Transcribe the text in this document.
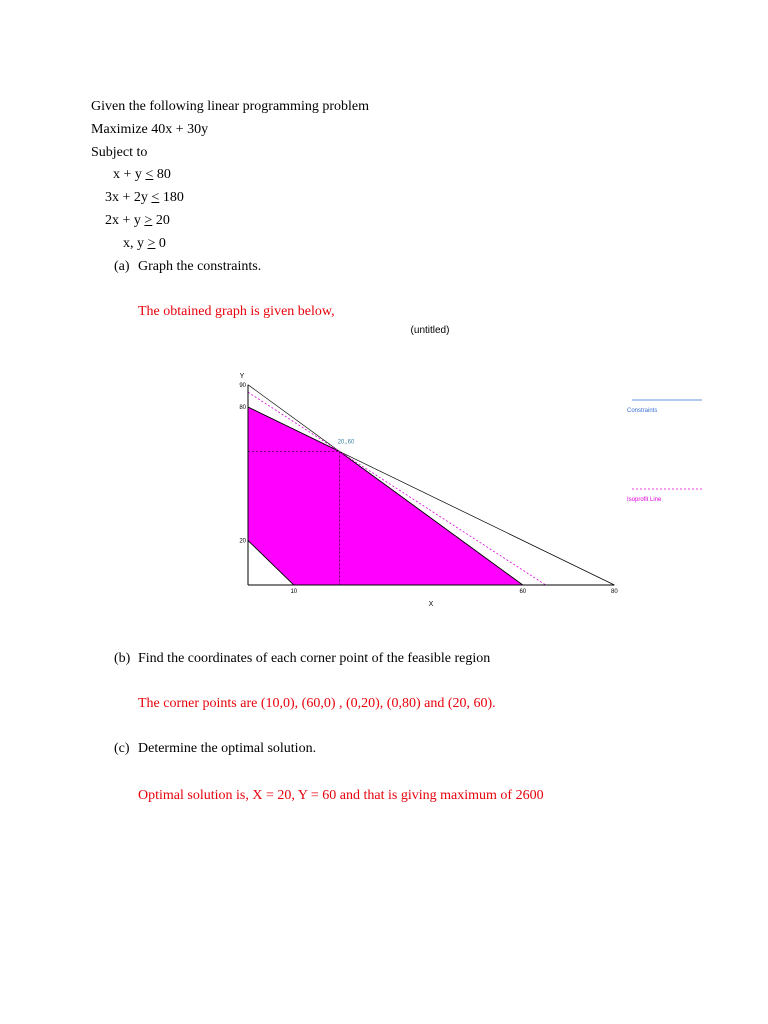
Given the following linear programming problem
Maximize 40x + 30y
Subject to
x + y < 80
3x + 2y < 180
2x + y > 20
x, y > 0
(a) Graph the constraints.
The obtained graph is given below,
(untitled)
20,,60
10	60	80
20
80
90
X
Y
Constraints
Isoprofit Line
(b) Find the coordinates of each corner point of the feasible region
The corner points are (10,0), (60,0) , (0,20), (0,80) and (20, 60).
(c) Determine the optimal solution.
Optimal solution is, X = 20, Y = 60 and that is giving maximum of 2600
